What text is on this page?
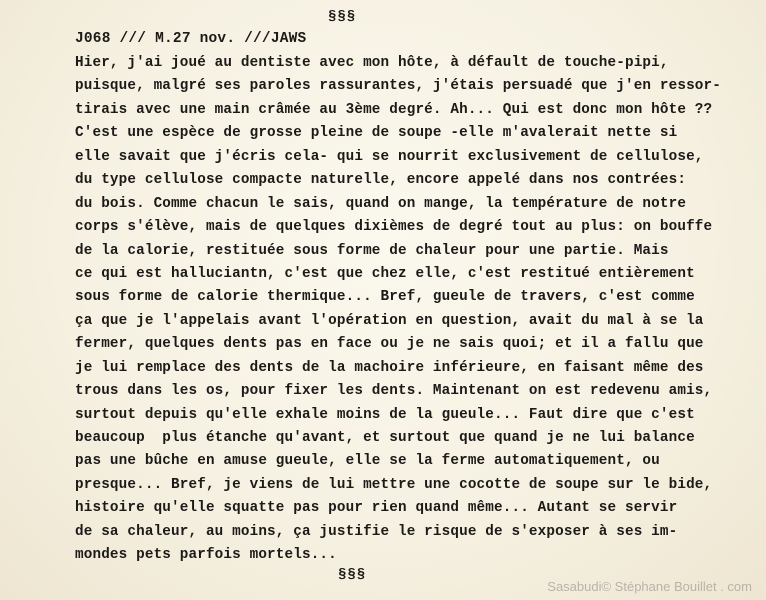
§§§
J068 /// M.27 nov. ///JAWS
Hier, j'ai joué au dentiste avec mon hôte, à défault de touche-pipi,
puisque, malgré ses paroles rassurantes, j'étais persuadé que j'en ressor-
tirais avec une main crâmée au 3ème degré. Ah... Qui est donc mon hôte ??
C'est une espèce de grosse pleine de soupe -elle m'avalerait nette si
elle savait que j'écris cela- qui se nourrit exclusivement de cellulose,
du type cellulose compacte naturelle, encore appelé dans nos contrées:
du bois. Comme chacun le sais, quand on mange, la température de notre
corps s'élève, mais de quelques dixièmes de degré tout au plus: on bouffe
de la calorie, restituée sous forme de chaleur pour une partie. Mais
ce qui est halluciantn, c'est que chez elle, c'est restitué entièrement
sous forme de calorie thermique... Bref, gueule de travers, c'est comme
ça que je l'appelais avant l'opération en question, avait du mal à se la
fermer, quelques dents pas en face ou je ne sais quoi; et il a fallu que
je lui remplace des dents de la machoire inférieure, en faisant même des
trous dans les os, pour fixer les dents. Maintenant on est redevenu amis,
surtout depuis qu'elle exhale moins de la gueule... Faut dire que c'est
beaucoup  plus étanche qu'avant, et surtout que quand je ne lui balance
pas une bûche en amuse gueule, elle se la ferme automatiquement, ou
presque... Bref, je viens de lui mettre une cocotte de soupe sur le bide,
histoire qu'elle squatte pas pour rien quand même... Autant se servir
de sa chaleur, au moins, ça justifie le risque de s'exposer à ses im-
mondes pets parfois mortels...
§§§
Sasabudi© Stéphane Bouillet . com
